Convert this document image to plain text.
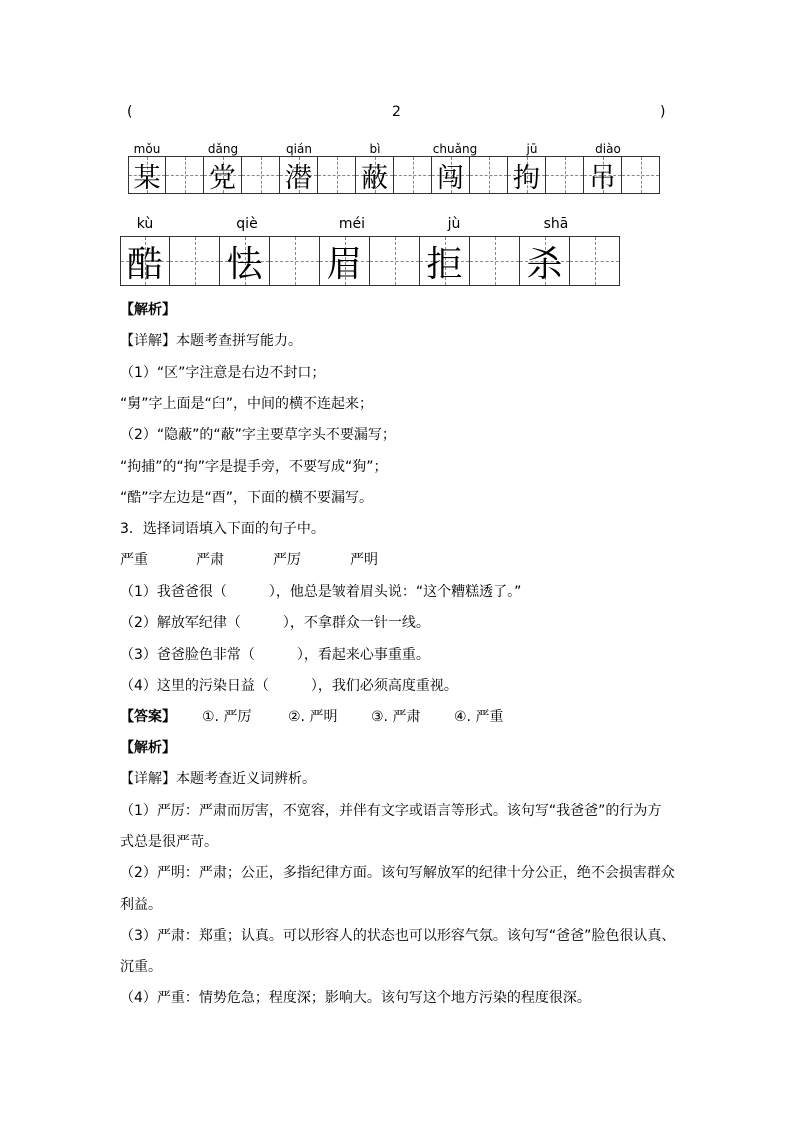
(	2	)
mǒu	dǎng	qián	bì	chuǎng	jū	diào
某 党 潜 蔽 闯 拘 吊
kù	qiè	méi	jù	shā
酷 怯 眉 拒 杀
【解析】
【详解】本题考查拼写能力。
（1）“区”字注意是右边不封口；
“舅”字上面是“臼”，中间的横不连起来；
（2）“隐蔽”的“蔽”字主要草字头不要漏写；
“拘捕”的“拘”字是提手旁，不要写成“狗”；
“酷”字左边是“酉”，下面的横不要漏写。
3．选择词语填入下面的句子中。
严重	严肃	严厉	严明
（1）我爸爸很（　　　），他总是皱着眉头说：“这个糟糕透了。”
（2）解放军纪律（　　　），不拿群众一针一线。
（3）爸爸脸色非常（　　　），看起来心事重重。
（4）这里的污染日益（　　　），我们必须高度重视。
【答案】 ①. 严厉	②. 严明 ③. 严肃 ④. 严重
【解析】
【详解】本题考查近义词辨析。
（1）严厉：严肃而厉害，不宽容，并伴有文字或语言等形式。该句写“我爸爸”的行为方
式总是很严苛。
（2）严明：严肃；公正，多指纪律方面。该句写解放军的纪律十分公正，绝不会损害群众
利益。
（3）严肃：郑重；认真。可以形容人的状态也可以形容气氛。该句写“爸爸”脸色很认真、
沉重。
（4）严重：情势危急；程度深；影响大。该句写这个地方污染的程度很深。
